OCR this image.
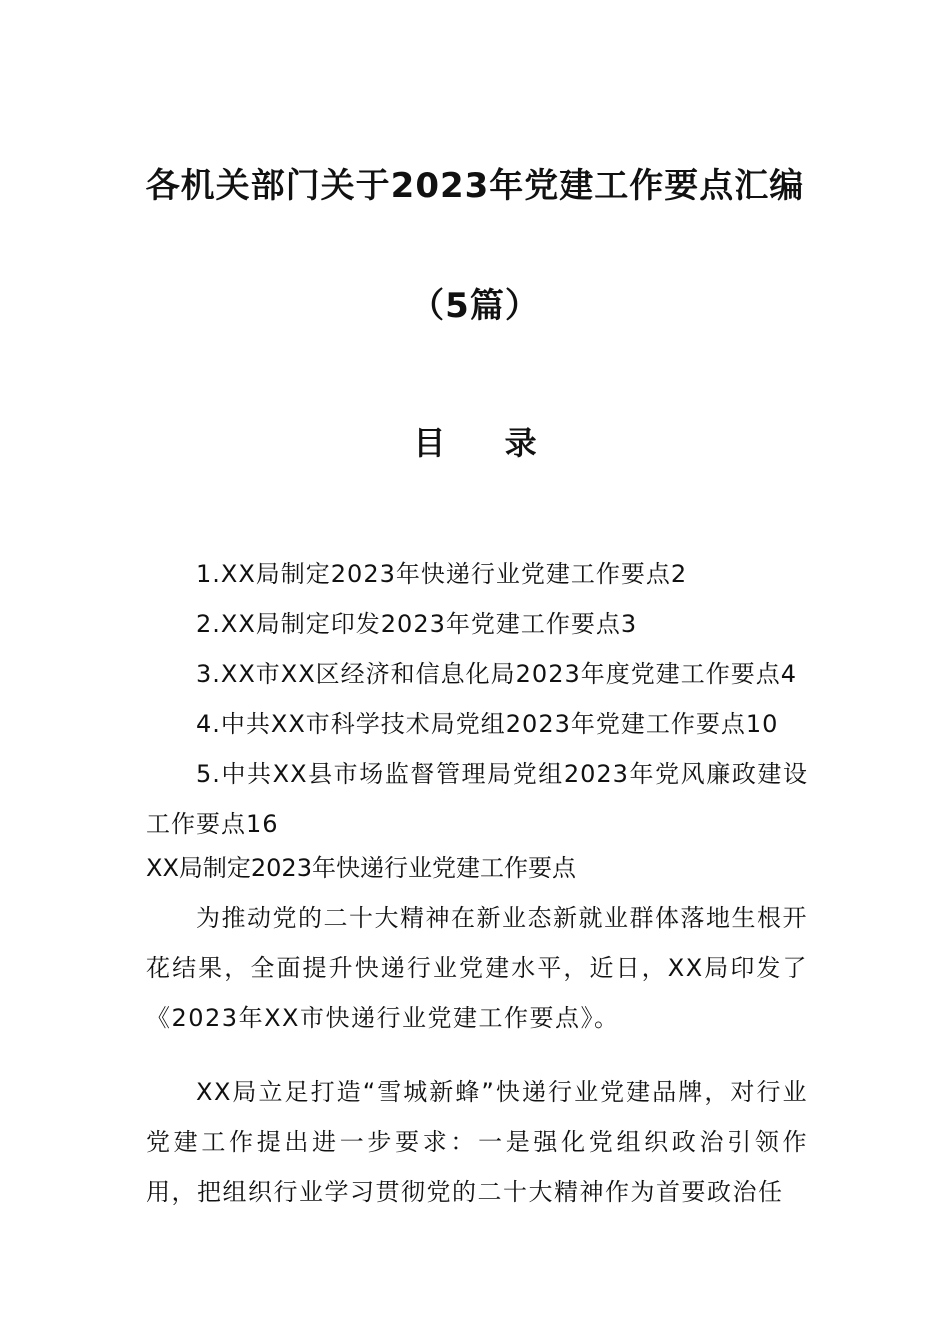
各机关部门关于2023年党建工作要点汇编
（5篇）
目 录
1.XX局制定2023年快递行业党建工作要点2
2.XX局制定印发2023年党建工作要点3
3.XX市XX区经济和信息化局2023年度党建工作要点4
4.中共XX市科学技术局党组2023年党建工作要点10
5.中共XX县市场监督管理局党组2023年党风廉政建设工作要点16
XX局制定2023年快递行业党建工作要点

为推动党的二十大精神在新业态新就业群体落地生根开花结果，全面提升快递行业党建水平，近日，XX局印发了《2023年XX市快递行业党建工作要点》。

XX局立足打造“雪城新蜂”快递行业党建品牌，对行业党建工作提出进一步要求：一是强化党组织政治引领作用，把组织行业学习贯彻党的二十大精神作为首要政治任
